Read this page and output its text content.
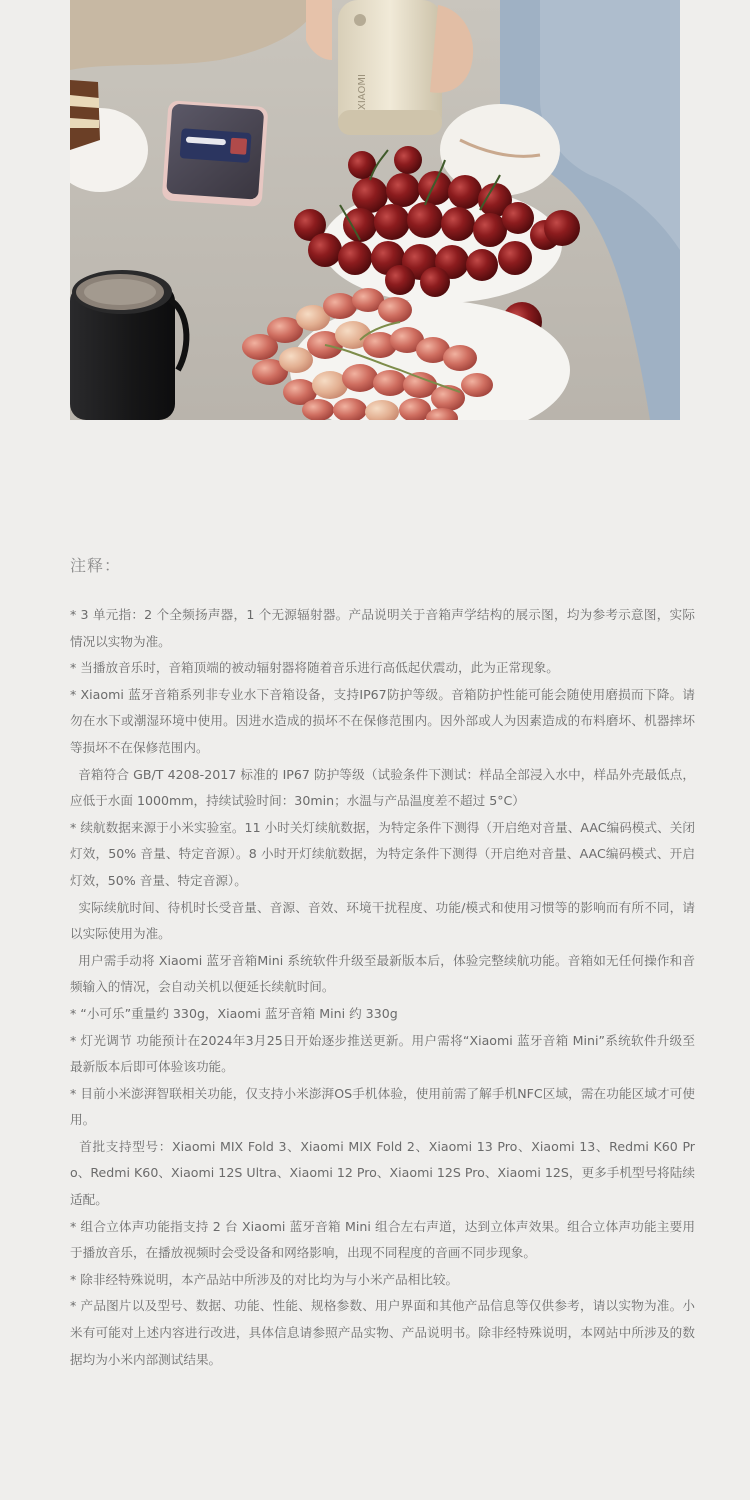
XIAOMI

注释：

* 3 单元指：2 个全频扬声器，1 个无源辐射器。产品说明关于音箱声学结构的展示图，均为参考示意图，实际情况以实物为准。

* 当播放音乐时，音箱顶端的被动辐射器将随着音乐进行高低起伏震动，此为正常现象。

* Xiaomi 蓝牙音箱系列非专业水下音箱设备，支持IP67防护等级。音箱防护性能可能会随使用磨损而下降。请勿在水下或潮湿环境中使用。因进水造成的损坏不在保修范围内。因外部或人为因素造成的布料磨坏、机器摔坏等损坏不在保修范围内。

音箱符合 GB/T 4208-2017 标准的 IP67 防护等级（试验条件下测试：样品全部浸入水中，样品外壳最低点，应低于水面 1000mm，持续试验时间：30min；水温与产品温度差不超过 5°C）

* 续航数据来源于小米实验室。11 小时关灯续航数据，为特定条件下测得（开启绝对音量、AAC编码模式、关闭灯效，50% 音量、特定音源）。8 小时开灯续航数据，为特定条件下测得（开启绝对音量、AAC编码模式、开启灯效，50% 音量、特定音源）。

实际续航时间、待机时长受音量、音源、音效、环境干扰程度、功能/模式和使用习惯等的影响而有所不同，请以实际使用为准。

用户需手动将 Xiaomi 蓝牙音箱Mini 系统软件升级至最新版本后，体验完整续航功能。音箱如无任何操作和音频输入的情况，会自动关机以便延长续航时间。

* “小可乐”重量约 330g，Xiaomi 蓝牙音箱 Mini 约 330g

* 灯光调节 功能预计在2024年3月25日开始逐步推送更新。用户需将“Xiaomi 蓝牙音箱 Mini”系统软件升级至最新版本后即可体验该功能。

* 目前小米澎湃智联相关功能，仅支持小米澎湃OS手机体验，使用前需了解手机NFC区域，需在功能区域才可使用。

首批支持型号：Xiaomi MIX Fold 3、Xiaomi MIX Fold 2、Xiaomi 13 Pro、Xiaomi 13、Redmi K60 Pro、Redmi K60、Xiaomi 12S Ultra、Xiaomi 12 Pro、Xiaomi 12S Pro、Xiaomi 12S，更多手机型号将陆续适配。

* 组合立体声功能指支持 2 台 Xiaomi 蓝牙音箱 Mini 组合左右声道，达到立体声效果。组合立体声功能主要用于播放音乐，在播放视频时会受设备和网络影响，出现不同程度的音画不同步现象。

* 除非经特殊说明，本产品站中所涉及的对比均为与小米产品相比较。

* 产品图片以及型号、数据、功能、性能、规格参数、用户界面和其他产品信息等仅供参考，请以实物为准。小米有可能对上述内容进行改进，具体信息请参照产品实物、产品说明书。除非经特殊说明，本网站中所涉及的数据均为小米内部测试结果。
